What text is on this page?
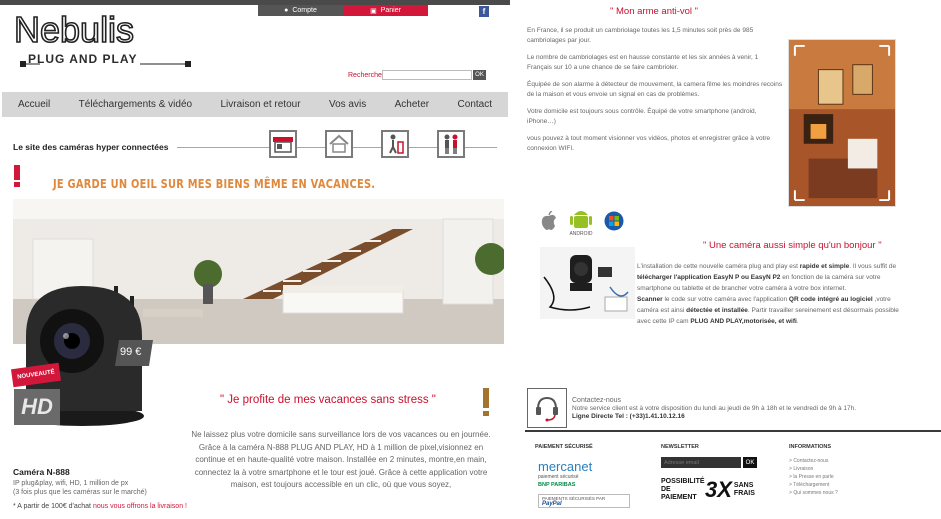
Nebulis
PLUG AND PLAY
● Compte	▣ Panier	f
Recherche	OK
Accueil	Téléchargements & vidéo	Livraison et retour	Vos avis	Acheter	Contact
Le site des caméras hyper connectées
JE GARDE UN OEIL SUR MES BIENS MÊME EN VACANCES.
99 €
NOUVEAUTÉ
HD
Caméra N-888
IP plug&play, wifi, HD, 1 million de px
(3 fois plus que les caméras sur le marché)
* A partir de 100€ d'achat nous vous offrons la livraison !
" Je profite de mes vacances sans stress "
Ne laissez plus votre domicile sans surveillance lors de vos vacances ou en journée. Grâce à la caméra N-888 PLUG AND PLAY, HD à 1 million de pixel,visionnez en continue et en haute-qualité votre maison. Installée en 2 minutes, montre,en main, connectez la à votre smartphone et le tour est joué. Grâce à cette application votre maison, est toujours accessible en un clic, où que vous soyez,
" Mon arme anti-vol "

En France, il se produit un cambriolage toutes les 1,5 minutes soit près de 985 cambriolages par jour.

Le nombre de cambriolages est en hausse constante et les six années à venir, 1 Français sur 10 a une chance de se faire cambrioler.

Équipée de son alarme à détecteur de mouvement, la camera filme les moindres recoins de la maison et vous envoie un signal en cas de problèmes.

Votre domicile est toujours sous contrôle. Équipé de votre smartphone (android, iPhone…)

vous pouvez à tout moment visionner vos vidéos, photos et enregistrer grâce à votre connexion WIFI.

ANDROID
" Une caméra aussi simple qu'un bonjour "
L'installation de cette nouvelle caméra plug and play est rapide et simple. Il vous suffit de télécharger l'application EasyN P ou EasyN P2 en fonction de la caméra sur votre smartphone ou tablette et de brancher votre caméra à votre box internet.
Scanner le code sur votre caméra avec l'application QR code intégré au logiciel ,votre caméra est ainsi détectée et installée. Partir travailler sereinement est désormais possible avec cette IP cam PLUG AND PLAY,motorisée, et wifi.
Contactez-nous
Notre service client est à votre disposition du lundi au jeudi de 9h à 18h et le vendredi de 9h à 17h.
Ligne Directe Tel : (+33)1.41.10.12.16
PAIEMENT SÉCURISÉ
mercanet
paiement sécurisé
BNP PARIBAS
PAIEMENTS SÉCURISÉS PAR PayPal
NEWSLETTER
Adresse email
OK
POSSIBILITÉ DE PAIEMENT 3X SANS FRAIS
INFORMATIONS
> Contactez-nous
> Livraison
> la Presse en parle
> Téléchargement
> Qui sommes nous ?
